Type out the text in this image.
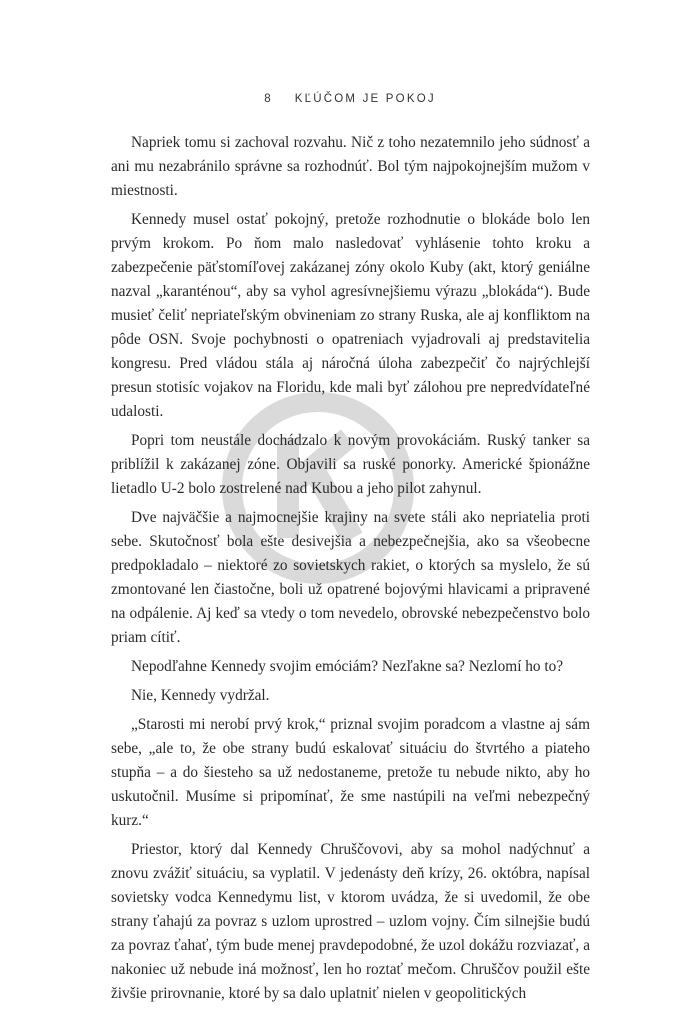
8 KĽÚČOM JE POKOJ

Napriek tomu si zachoval rozvahu. Nič z toho nezatemnilo jeho súdnosť a ani mu nezabránilo správne sa rozhodnúť. Bol tým najpokojnejším mužom v miestnosti.

Kennedy musel ostať pokojný, pretože rozhodnutie o blokáde bolo len prvým krokom. Po ňom malo nasledovať vyhlásenie tohto kroku a zabezpečenie päťstomíľovej zakázanej zóny okolo Kuby (akt, ktorý geniálne nazval „karanténou“, aby sa vyhol agresívnejšiemu výrazu „blokáda“). Bude musieť čeliť nepriateľským obvineniam zo strany Ruska, ale aj konfliktom na pôde OSN. Svoje pochybnosti o opatreniach vyjadrovali aj predstavitelia kongresu. Pred vládou stála aj náročná úloha zabezpečiť čo najrýchlejší presun stotisíc vojakov na Floridu, kde mali byť zálohou pre nepredvídateľné udalosti.

Popri tom neustále dochádzalo k novým provokáciám. Ruský tanker sa priblížil k zakázanej zóne. Objavili sa ruské ponorky. Americké špionážne lietadlo U-2 bolo zostrelené nad Kubou a jeho pilot zahynul.

Dve najväčšie a najmocnejšie krajiny na svete stáli ako nepriatelia proti sebe. Skutočnosť bola ešte desivejšia a nebezpečnejšia, ako sa všeobecne predpokladalo – niektoré zo sovietskych rakiet, o ktorých sa myslelo, že sú zmontované len čiastočne, boli už opatrené bojovými hlavicami a pripravené na odpálenie. Aj keď sa vtedy o tom nevedelo, obrovské nebezpečenstvo bolo priam cítiť.

Nepodľahne Kennedy svojim emóciám? Nezľakne sa? Nezlomí ho to?

Nie, Kennedy vydržal.

„Starosti mi nerobí prvý krok,“ priznal svojim poradcom a vlastne aj sám sebe, „ale to, že obe strany budú eskalovať situáciu do štvrtého a piateho stupňa – a do šiesteho sa už nedostaneme, pretože tu nebude nikto, aby ho uskutočnil. Musíme si pripomínať, že sme nastúpili na veľmi nebezpečný kurz.“

Priestor, ktorý dal Kennedy Chruščovovi, aby sa mohol nadýchnuť a znovu zvážiť situáciu, sa vyplatil. V jedenásty deň krízy, 26. októbra, napísal sovietsky vodca Kennedymu list, v ktorom uvádza, že si uvedomil, že obe strany ťahajú za povraz s uzlom uprostred – uzlom vojny. Čím silnejšie budú za povraz ťahať, tým bude menej pravdepodobné, že uzol dokážu rozviazať, a nakoniec už nebude iná možnosť, len ho roztať mečom. Chruščov použil ešte živšie prirovnanie, ktoré by sa dalo uplatniť nielen v geopolitických
